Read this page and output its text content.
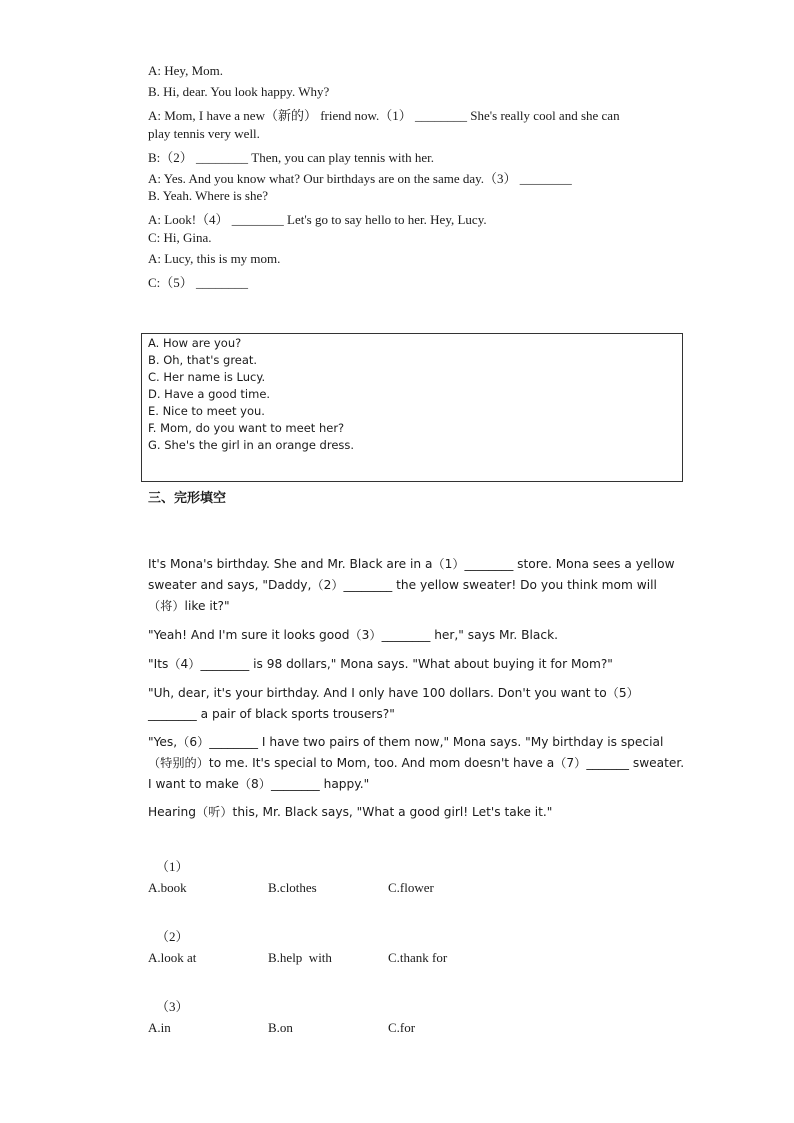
A: Hey, Mom.
B. Hi, dear. You look happy. Why?
A: Mom, I have a new（新的） friend now.（1） ________ She's really cool and she can
play tennis very well.
B:（2） ________ Then, you can play tennis with her.
A: Yes. And you know what? Our birthdays are on the same day.（3） ________
B. Yeah. Where is she?
A: Look!（4） ________ Let's go to say hello to her. Hey, Lucy.
C: Hi, Gina.
A: Lucy, this is my mom.
C:（5） ________
A. How are you?
B. Oh, that's great.
C. Her name is Lucy.
D. Have a good time.
E. Nice to meet you.
F. Mom, do you want to meet her?
G. She's the girl in an orange dress.
三、完形填空
It's Mona's birthday. She and Mr. Black are in a（1）________ store. Mona sees a yellow sweater and says, "Daddy,（2）________ the yellow sweater! Do you think mom will（将）like it?"
"Yeah! And I'm sure it looks good（3）________ her," says Mr. Black.
"Its（4）________ is 98 dollars," Mona says. "What about buying it for Mom?"
"Uh, dear, it's your birthday. And I only have 100 dollars. Don't you want to（5）________ a pair of black sports trousers?"
"Yes,（6）________ I have two pairs of them now," Mona says. "My birthday is special（特别的）to me. It's special to Mom, too. And mom doesn't have a（7）_______ sweater. I want to make（8）________ happy."
Hearing（听）this, Mr. Black says, "What a good girl! Let's take it."
（1）
A.book	B.clothes	C.flower
（2）
A.look at	B.help  with	C.thank for
（3）
A.in	B.on	C.for
